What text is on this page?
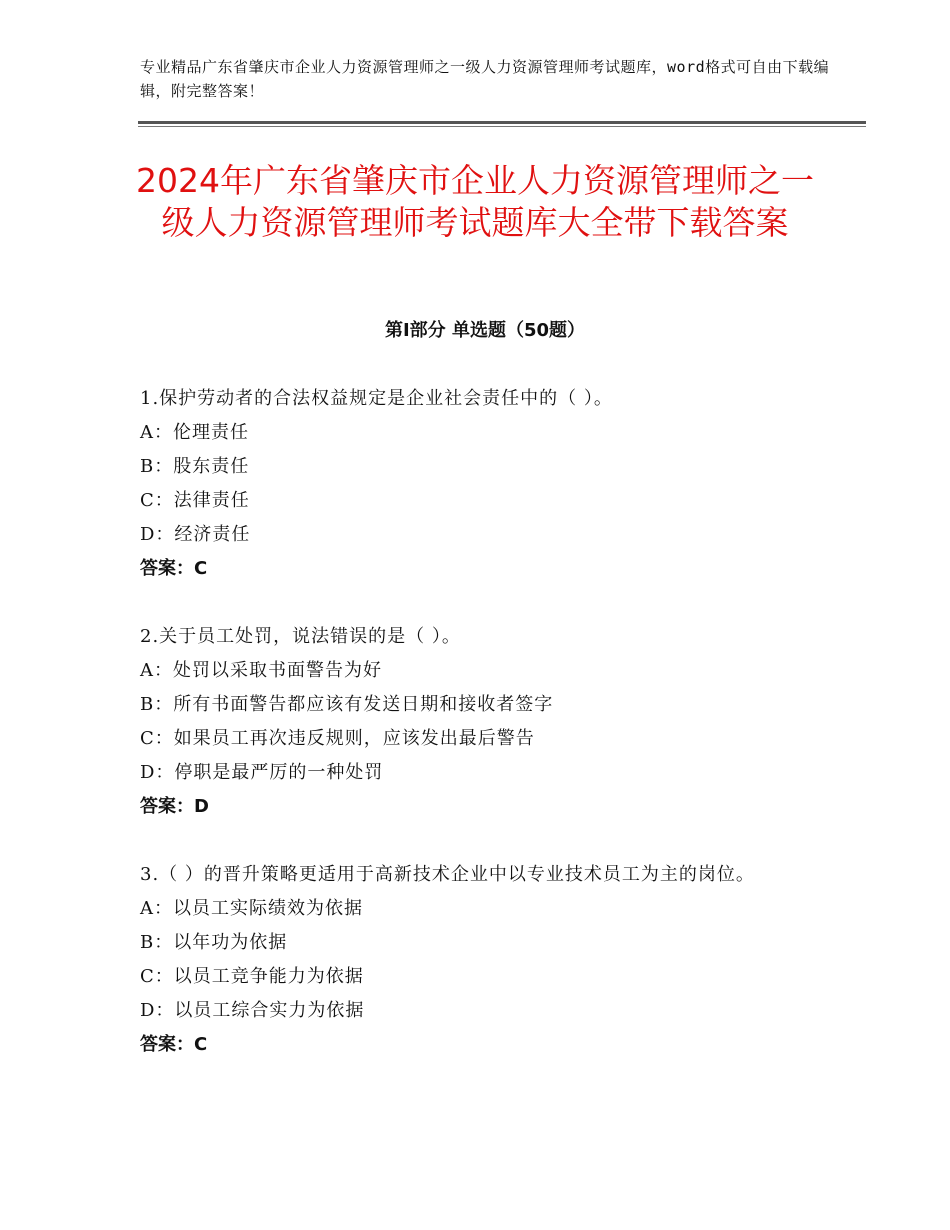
专业精品广东省肇庆市企业人力资源管理师之一级人力资源管理师考试题库，word格式可自由下载编辑，附完整答案！
2024年广东省肇庆市企业人力资源管理师之一级人力资源管理师考试题库大全带下载答案
第Ⅰ部分 单选题（50题）
1.保护劳动者的合法权益规定是企业社会责任中的（ ）。
A：伦理责任
B：股东责任
C：法律责任
D：经济责任
答案：C
2.关于员工处罚，说法错误的是（ ）。
A：处罚以采取书面警告为好
B：所有书面警告都应该有发送日期和接收者签字
C：如果员工再次违反规则，应该发出最后警告
D：停职是最严厉的一种处罚
答案：D
3.（ ）的晋升策略更适用于高新技术企业中以专业技术员工为主的岗位。
A：以员工实际绩效为依据
B：以年功为依据
C：以员工竞争能力为依据
D：以员工综合实力为依据
答案：C
